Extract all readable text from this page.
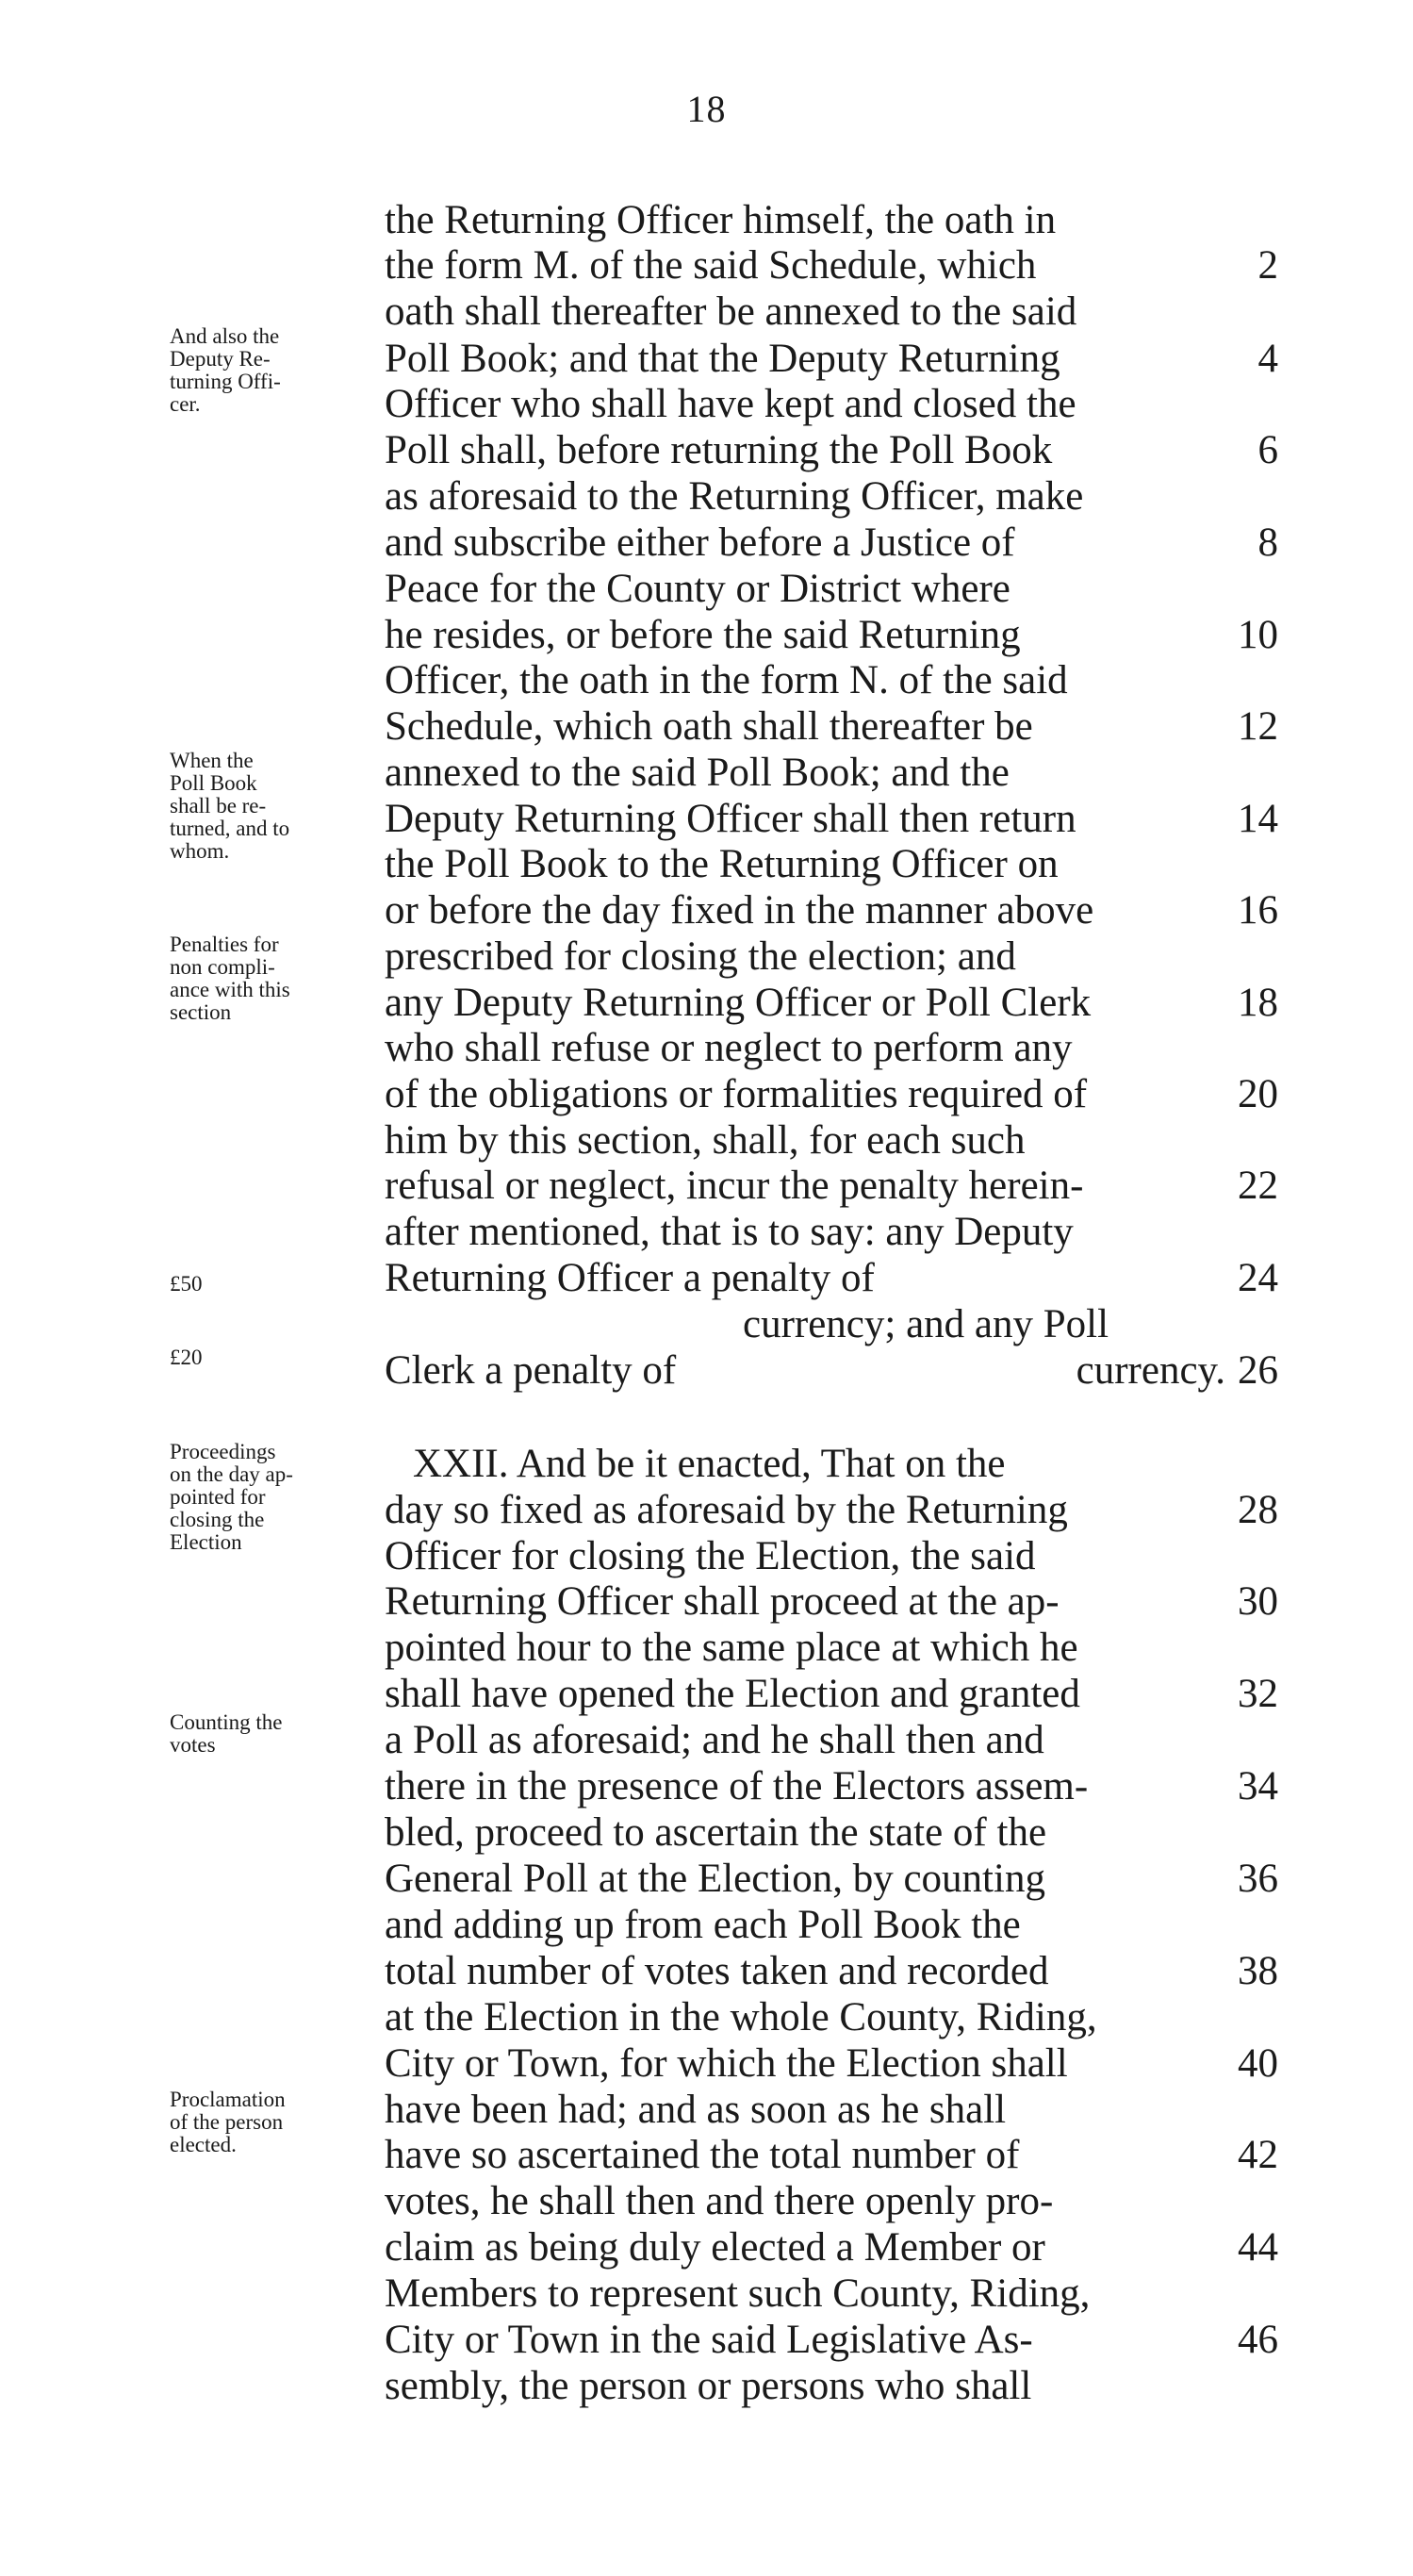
18
And also the
Deputy Re-
turning Offi-
cer.
When the
Poll Book
shall be re-
turned, and to
whom.
Penalties for
non compli-
ance with this
section
£50
£20
Proceedings
on the day ap-
pointed for
closing the
Election
Counting the
votes
Proclamation
of the person
elected.
the Returning Officer himself, the oath in
the form M. of the said Schedule, which	2
oath shall thereafter be annexed to the said
Poll Book; and that the Deputy Returning	4
Officer who shall have kept and closed the
Poll shall, before returning the Poll Book	6
as aforesaid to the Returning Officer, make
and subscribe either before a Justice of	8
Peace for the County or District where
he resides, or before the said Returning	10
Officer, the oath in the form N. of the said
Schedule, which oath shall thereafter be	12
annexed to the said Poll Book; and the
Deputy Returning Officer shall then return	14
the Poll Book to the Returning Officer on
or before the day fixed in the manner above	16
prescribed for closing the election; and
any Deputy Returning Officer or Poll Clerk	18
who shall refuse or neglect to perform any
of the obligations or formalities required of	20
him by this section, shall, for each such
refusal or neglect, incur the penalty herein-	22
after mentioned, that is to say: any Deputy
Returning Officer a penalty of	24
currency; and any Poll
Clerk a penalty of	currency. 26
XXII. And be it enacted, That on the
day so fixed as aforesaid by the Returning	28
Officer for closing the Election, the said
Returning Officer shall proceed at the ap-	30
pointed hour to the same place at which he
shall have opened the Election and granted	32
a Poll as aforesaid; and he shall then and
there in the presence of the Electors assem-	34
bled, proceed to ascertain the state of the
General Poll at the Election, by counting	36
and adding up from each Poll Book the
total number of votes taken and recorded	38
at the Election in the whole County, Riding,
City or Town, for which the Election shall	40
have been had; and as soon as he shall
have so ascertained the total number of	42
votes, he shall then and there openly pro-
claim as being duly elected a Member or	44
Members to represent such County, Riding,
City or Town in the said Legislative As-	46
sembly, the person or persons who shall
